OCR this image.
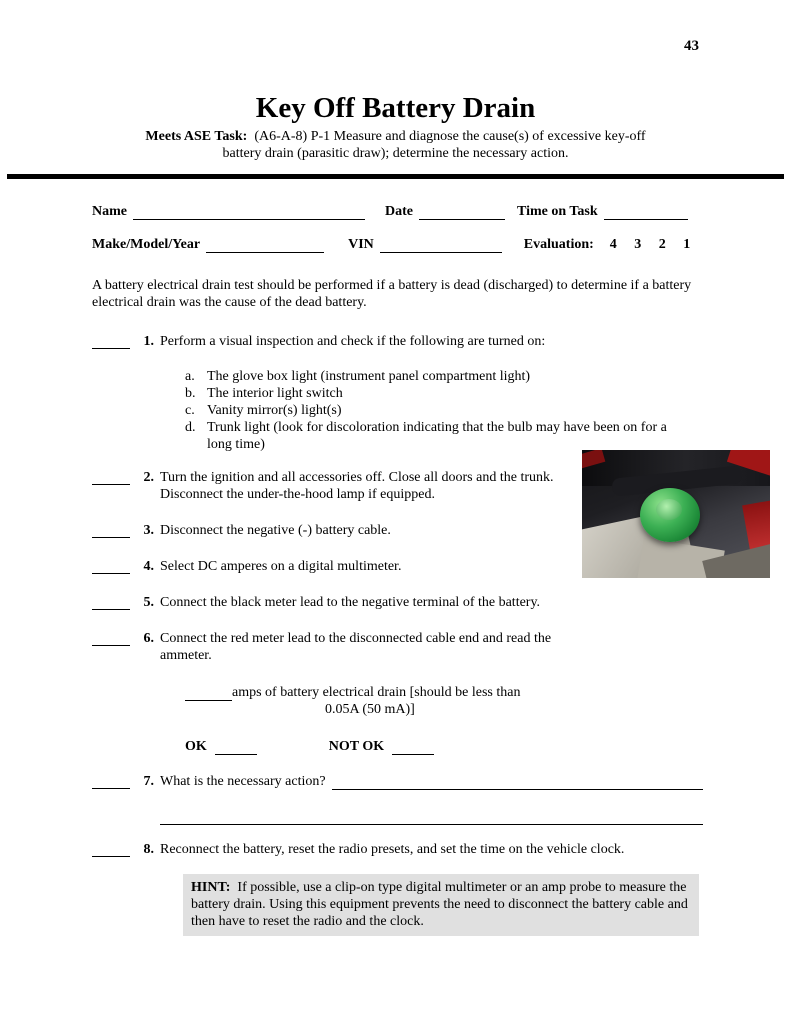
43
Key Off Battery Drain
Meets ASE Task: (A6-A-8) P-1 Measure and diagnose the cause(s) of excessive key-off
battery drain (parasitic draw); determine the necessary action.
Name	Date	Time on Task
Make/Model/Year	VIN	Evaluation: 4     3     2     1

A battery electrical drain test should be performed if a battery is dead (discharged) to determine if a battery electrical drain was the cause of the dead battery.

1. Perform a visual inspection and check if the following are turned on:
a. The glove box light (instrument panel compartment light)
b. The interior light switch
c. Vanity mirror(s) light(s)
d. Trunk light (look for discoloration indicating that the bulb may have been on for a long time)
2. Turn the ignition and all accessories off. Close all doors and the trunk. Disconnect the under-the-hood lamp if equipped.
3. Disconnect the negative (-) battery cable.
4. Select DC amperes on a digital multimeter.
5. Connect the black meter lead to the negative terminal of the battery.
6. Connect the red meter lead to the disconnected cable end and read the ammeter.
amps of battery electrical drain [should be less than
0.05A (50 mA)]
OK	NOT OK
7. What is the necessary action?
8. Reconnect the battery, reset the radio presets, and set the time on the vehicle clock.
HINT: If possible, use a clip-on type digital multimeter or an amp probe to measure the battery drain. Using this equipment prevents the need to disconnect the battery cable and then have to reset the radio and the clock.
